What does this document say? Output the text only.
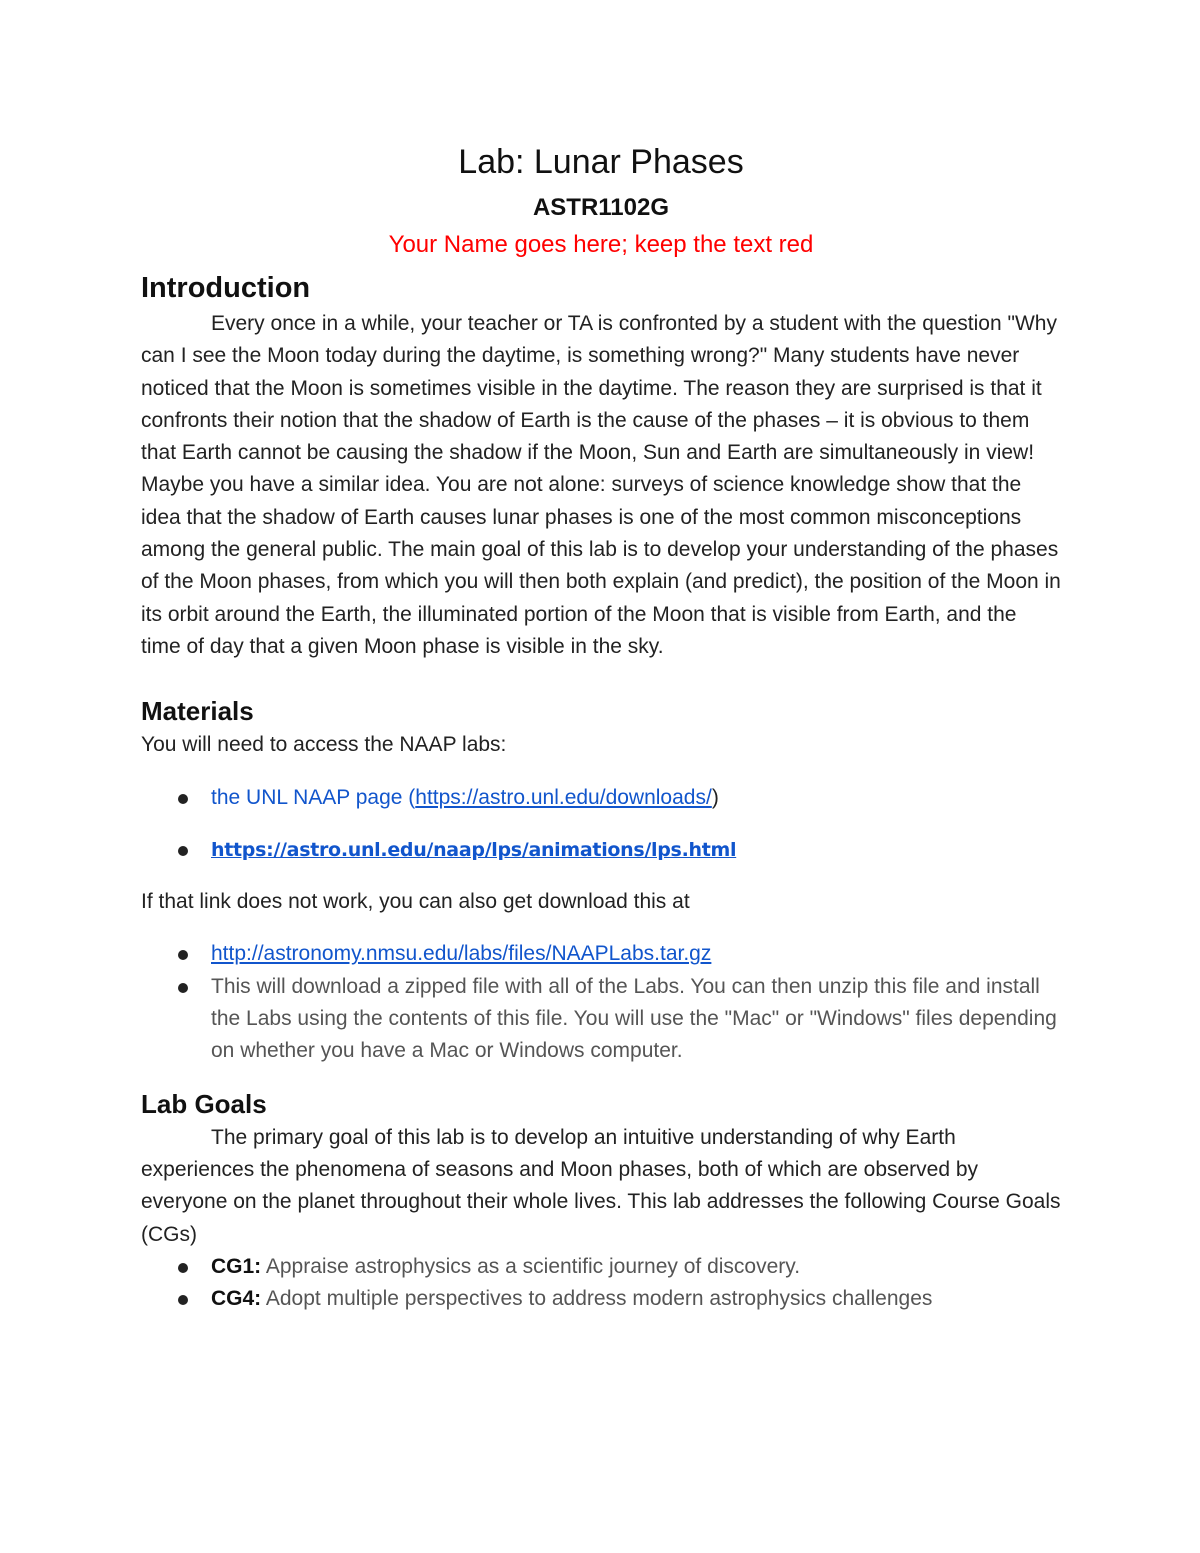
Lab: Lunar Phases
ASTR1102G
Your Name goes here; keep the text red
Introduction

Every once in a while, your teacher or TA is confronted by a student with the question "Why can I see the Moon today during the daytime, is something wrong?" Many students have never noticed that the Moon is sometimes visible in the daytime. The reason they are surprised is that it confronts their notion that the shadow of Earth is the cause of the phases – it is obvious to them that Earth cannot be causing the shadow if the Moon, Sun and Earth are simultaneously in view! Maybe you have a similar idea. You are not alone: surveys of science knowledge show that the idea that the shadow of Earth causes lunar phases is one of the most common misconceptions among the general public. The main goal of this lab is to develop your understanding of the phases of the Moon phases, from which you will then both explain (and predict), the position of the Moon in its orbit around the Earth, the illuminated portion of the Moon that is visible from Earth, and the time of day that a given Moon phase is visible in the sky.

Materials

You will need to access the NAAP labs:

the UNL NAAP page (https://astro.unl.edu/downloads/)
https://astro.unl.edu/naap/lps/animations/lps.html

If that link does not work, you can also get download this at

http://astronomy.nmsu.edu/labs/files/NAAPLabs.tar.gz
This will download a zipped file with all of the Labs. You can then unzip this file and install the Labs using the contents of this file. You will use the "Mac" or "Windows" files depending on whether you have a Mac or Windows computer.
Lab Goals

The primary goal of this lab is to develop an intuitive understanding of why Earth experiences the phenomena of seasons and Moon phases, both of which are observed by everyone on the planet throughout their whole lives. This lab addresses the following Course Goals (CGs)

CG1: Appraise astrophysics as a scientific journey of discovery.
CG4: Adopt multiple perspectives to address modern astrophysics challenges
